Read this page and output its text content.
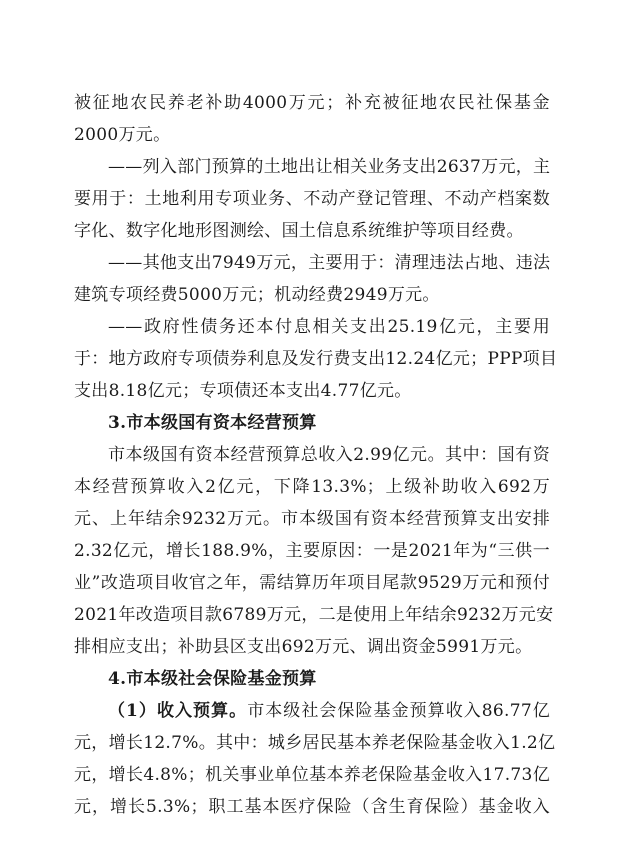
被征地农民养老补助4000万元；补充被征地农民社保基金
2000万元。
——列入部门预算的土地出让相关业务支出2637万元，主
要用于：土地利用专项业务、不动产登记管理、不动产档案数
字化、数字化地形图测绘、国土信息系统维护等项目经费。
——其他支出7949万元，主要用于：清理违法占地、违法
建筑专项经费5000万元；机动经费2949万元。
——政府性债务还本付息相关支出25.19亿元，主要用
于：地方政府专项债券利息及发行费支出12.24亿元；PPP项目
支出8.18亿元；专项债还本支出4.77亿元。
3.市本级国有资本经营预算
市本级国有资本经营预算总收入2.99亿元。其中：国有资
本经营预算收入2亿元，下降13.3%；上级补助收入692万
元、上年结余9232万元。市本级国有资本经营预算支出安排
2.32亿元，增长188.9%，主要原因：一是2021年为“三供一
业”改造项目收官之年，需结算历年项目尾款9529万元和预付
2021年改造项目款6789万元，二是使用上年结余9232万元安
排相应支出；补助县区支出692万元、调出资金5991万元。
4.市本级社会保险基金预算
（1）收入预算。市本级社会保险基金预算收入86.77亿
元，增长12.7%。其中：城乡居民基本养老保险基金收入1.2亿
元，增长4.8%；机关事业单位基本养老保险基金收入17.73亿
元，增长5.3%；职工基本医疗保险（含生育保险）基金收入
